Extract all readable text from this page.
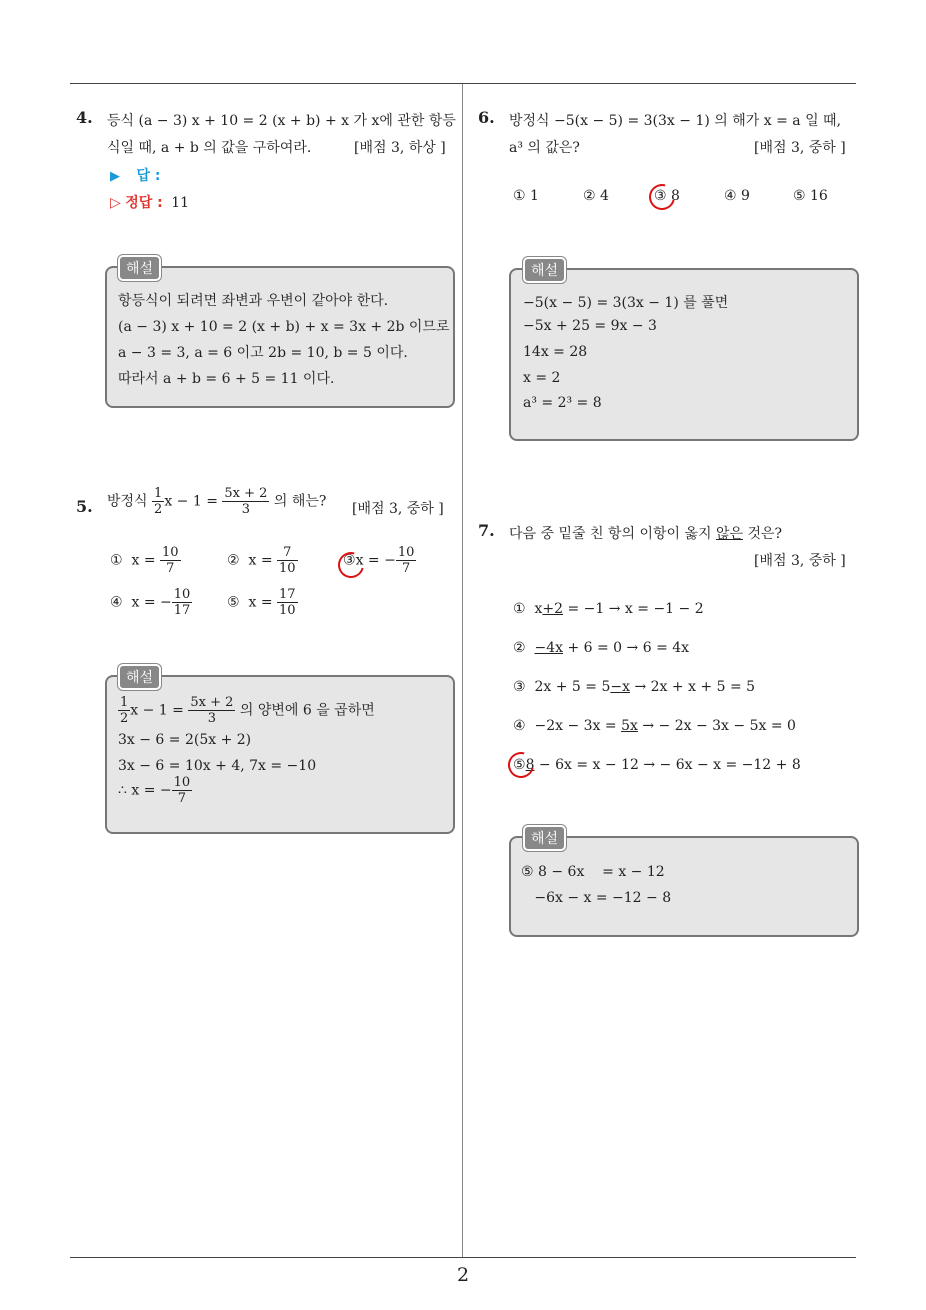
2
4. 등식 (a − 3) x + 10 = 2 (x + b) + x 가 x에 관한 항등
식일 때, a + b 의 값을 구하여라.	[배점 3, 하상 ]
▶ 답 :
▷ 정답 : 11
해설
항등식이 되려면 좌변과 우변이 같아야 한다.
(a − 3) x + 10 = 2 (x + b) + x = 3x + 2b 이므로
a − 3 = 3, a = 6 이고 2b = 10, b = 5 이다.
따라서 a + b = 6 + 5 = 11 이다.
5. 방정식 $\frac{1}{2}$ $x - 1 = \frac{5x + 2}{3}$ 의 해는? [배점 3, 중하 ]
① $x = \frac{10}{7}$	② $x = \frac{7}{10}$	③x = − $\frac{10}{7}$
④ x = − $\frac{10}{17}$ ⑤ $x = \frac{17}{10}$
해설
$\frac{1}{2}$ $x - 1 = \frac{5x + 2}{3}$ 의 양변에 6 을 곱하면
3x − 6 = 2(5x + 2)
3x − 6 = 10x + 4, 7x = −10
∴ x = − $\frac{10}{7}$
6. 방정식 −5(x − 5) = 3(3x − 1) 의 해가 x = a 일 때,
a³ 의 값은?	[배점 3, 중하 ]
① 1	② 4	③ 8	④ 9	⑤ 16
해설
−5(x − 5) = 3(3x − 1) 를 풀면
−5x + 25 = 9x − 3
14x = 28
x = 2
a³ = 2³ = 8
7. 다음 중 밑줄 친 항의 이항이 옳지 않은 것은?
[배점 3, 중하 ]
① x+2 = −1 → x = −1 − 2
② −4x + 6 = 0 → 6 = 4x
③ 2x + 5 = 5−x → 2x + x + 5 = 5
④ −2x − 3x = 5x → − 2x − 3x − 5x = 0
⑤8 − 6x = x − 12 → − 6x − x = −12 + 8
해설
⑤ 8 − 6x    = x − 12
−6x − x = −12 − 8
